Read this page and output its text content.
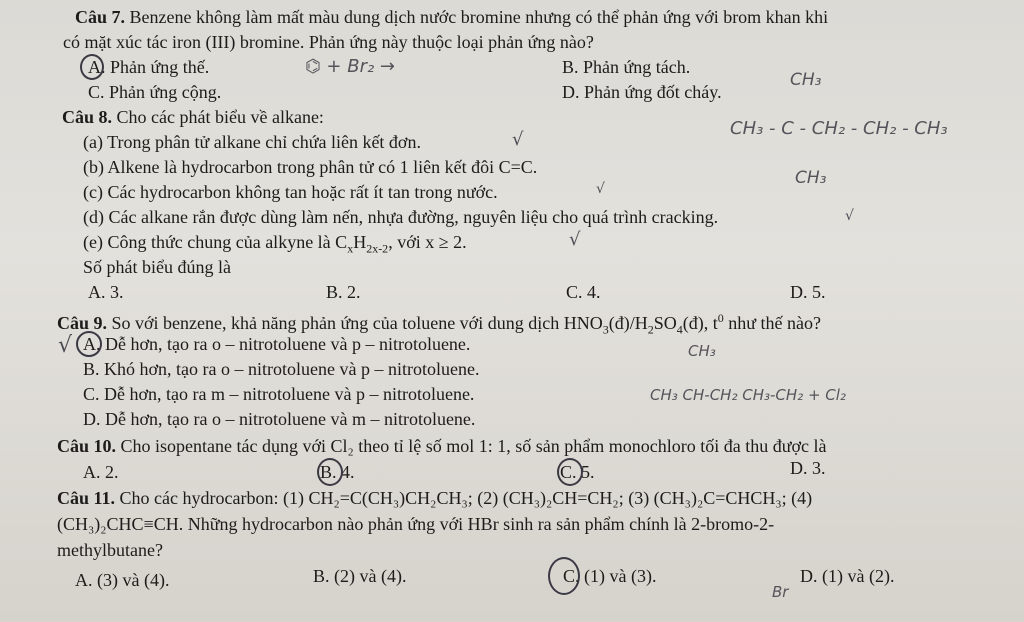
Câu 7. Benzene không làm mất màu dung dịch nước bromine nhưng có thể phản ứng với brom khan khi
có mặt xúc tác iron (III) bromine. Phản ứng này thuộc loại phản ứng nào?
A. Phản ứng thế.	B. Phản ứng tách.
C. Phản ứng cộng.	D. Phản ứng đốt cháy.
Câu 8. Cho các phát biểu về alkane:
(a) Trong phân tử alkane chỉ chứa liên kết đơn.
(b) Alkene là hydrocarbon trong phân tử có 1 liên kết đôi C=C.
(c) Các hydrocarbon không tan hoặc rất ít tan trong nước.
(d) Các alkane rắn được dùng làm nến, nhựa đường, nguyên liệu cho quá trình cracking.
(e) Công thức chung của alkyne là $C_xH_{2x-2}$, với x ≥ 2.
Số phát biểu đúng là
A. 3.	B. 2.	C. 4.	D. 5.
Câu 9. So với benzene, khả năng phản ứng của toluene với dung dịch $HNO_3(đ)/H_2SO_4(đ)$, $t^0$ như thế nào?
A. Dễ hơn, tạo ra o – nitrotoluene và p – nitrotoluene.
B. Khó hơn, tạo ra o – nitrotoluene và p – nitrotoluene.
C. Dễ hơn, tạo ra m – nitrotoluene và p – nitrotoluene.
D. Dễ hơn, tạo ra o – nitrotoluene và m – nitrotoluene.
Câu 10. Cho isopentane tác dụng với Cl₂ theo tỉ lệ số mol 1: 1, số sản phẩm monochloro tối đa thu được là
A. 2.	B. 4.	C. 5.	D. 3.
Câu 11. Cho các hydrocarbon: (1) CH₂=C(CH₃)CH₂CH₃; (2) (CH₃)₂CH=CH₂; (3) (CH₃)₂C=CHCH₃; (4)
(CH₃)₂CHC≡CH. Những hydrocarbon nào phản ứng với HBr sinh ra sản phẩm chính là 2-bromo-2-
methylbutane?
A. (3) và (4).	B. (2) và (4).	C. (1) và (3).	D. (1) và (2).
⌬ + Br₂ →
CH₃
CH₃ - C - CH₂ - CH₂ - CH₃
CH₃
CH₃
CH₃ CH-CH₂ CH₃-CH₂ + Cl₂
Br
√
√
√
√
√
